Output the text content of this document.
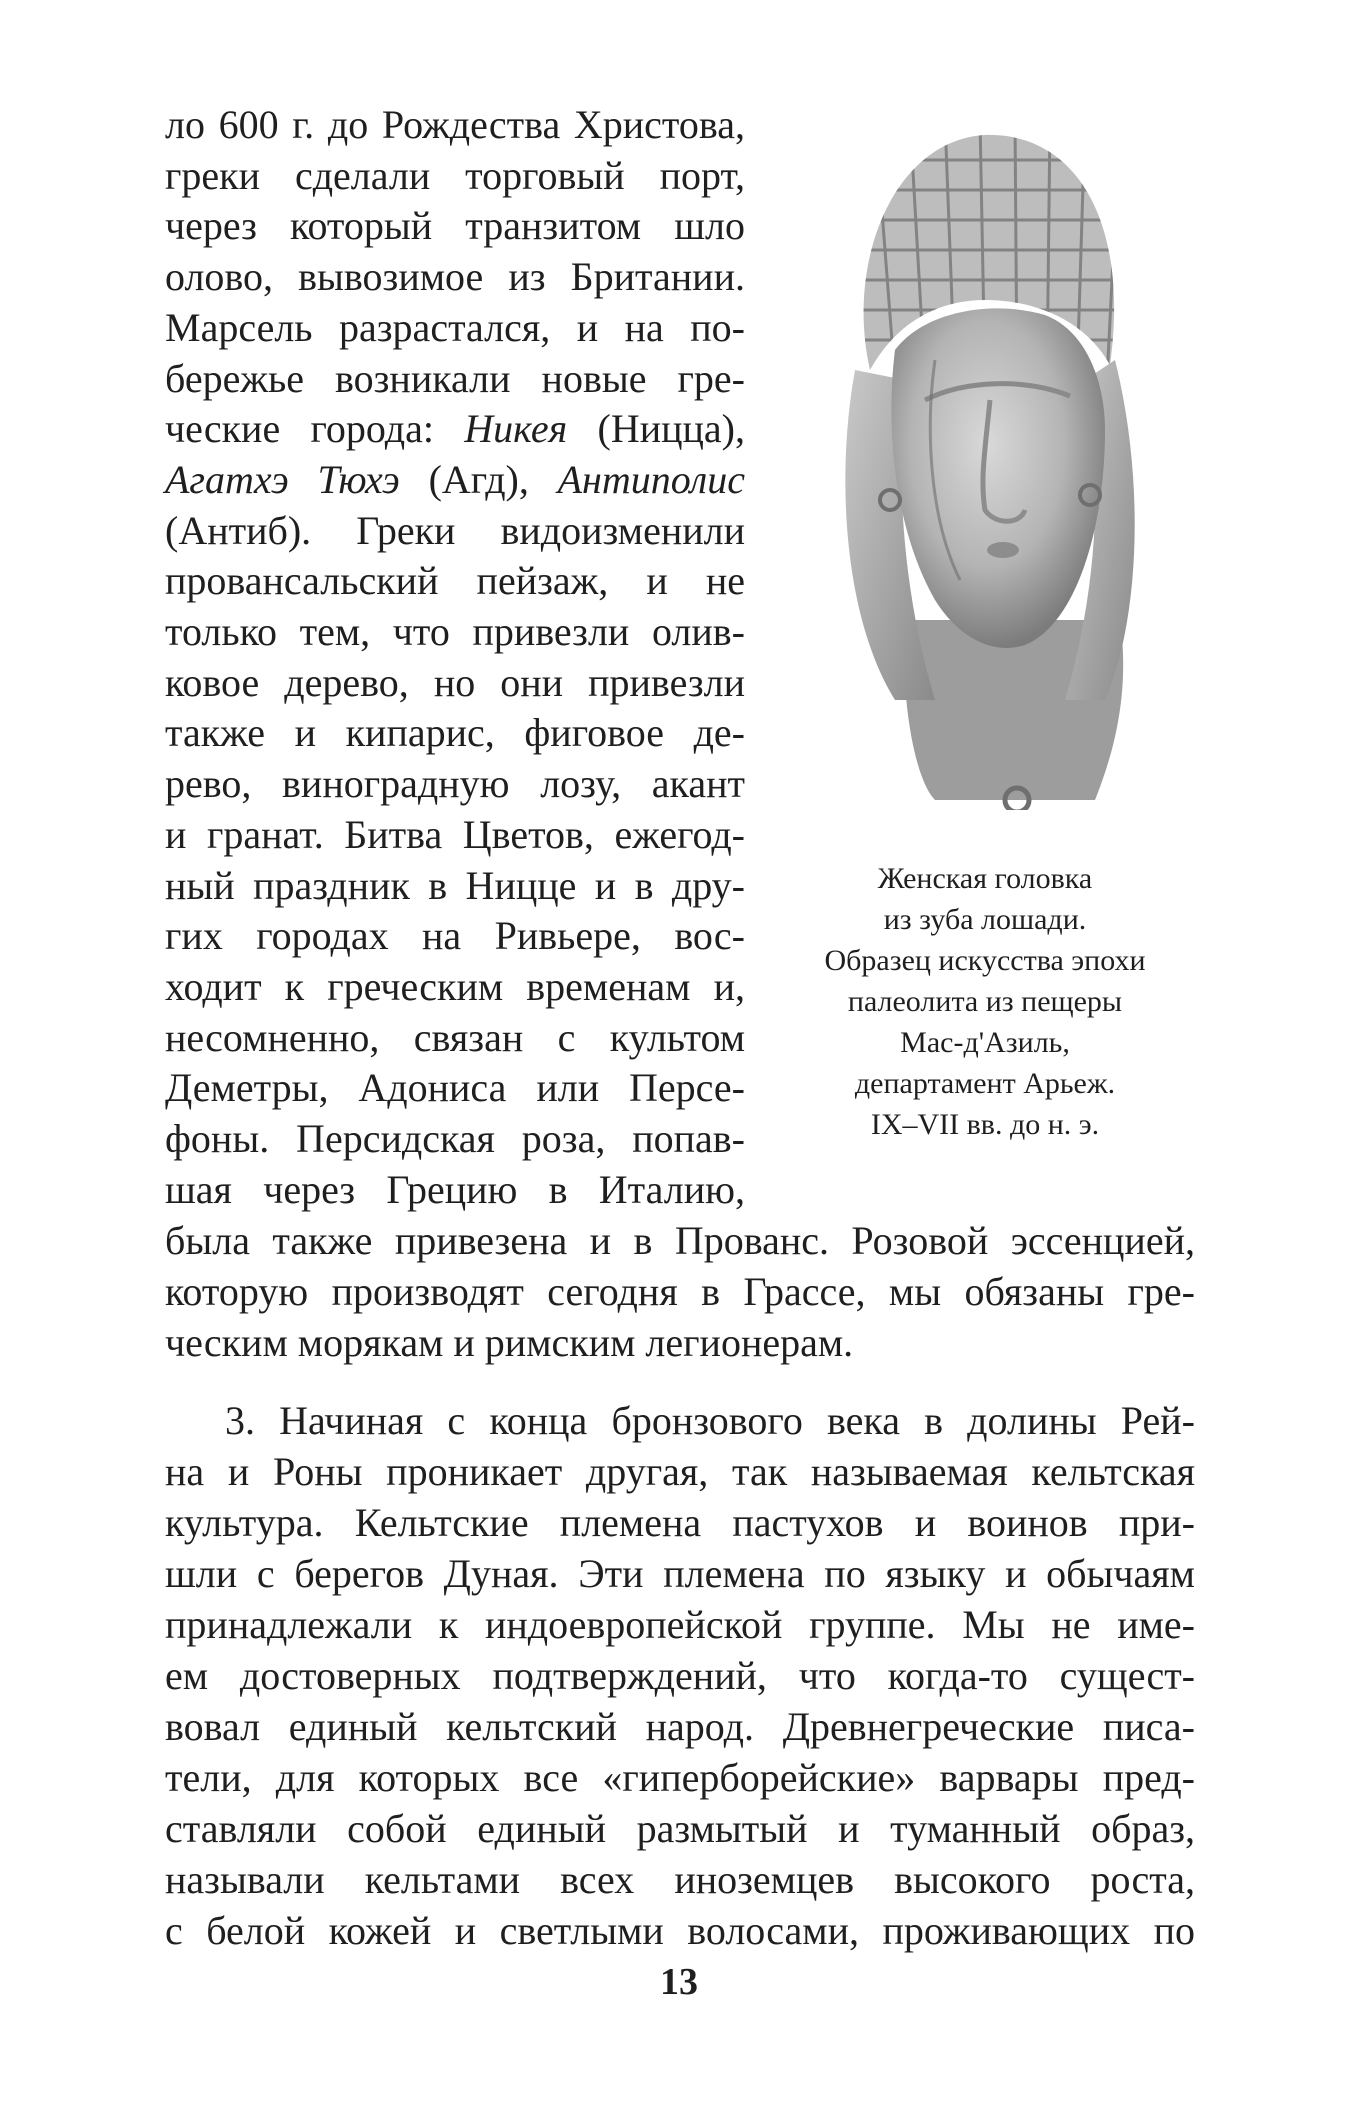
ло 600 г. до Рождества Христова,
греки сделали торговый порт,
через который транзитом шло
олово, вывозимое из Британии.
Марсель разрастался, и на по-
бережье возникали новые гре-
ческие города: Никея (Ницца),
Агатхэ Тюхэ (Агд), Антиполис
(Антиб). Греки видоизменили
провансальский пейзаж, и не
только тем, что привезли олив-
ковое дерево, но они привезли
также и кипарис, фиговое де-
рево, виноградную лозу, акант
и гранат. Битва Цветов, ежегод-
ный праздник в Ницце и в дру-
гих городах на Ривьере, вос-
ходит к греческим временам и,
несомненно, связан с культом
Деметры, Адониса или Персе-
фоны. Персидская роза, попав-
шая через Грецию в Италию,
Женская головка
из зуба лошади.
Образец искусства эпохи
палеолита из пещеры
Мас-д'Азиль,
департамент Арьеж.
IX–VII вв. до н. э.
была также привезена и в Прованс. Розовой эссенцией,
которую производят сегодня в Грассе, мы обязаны гре-
ческим морякам и римским легионерам.
3. Начиная с конца бронзового века в долины Рей-
на и Роны проникает другая, так называемая кельтская
культура. Кельтские племена пастухов и воинов при-
шли с берегов Дуная. Эти племена по языку и обычаям
принадлежали к индоевропейской группе. Мы не име-
ем достоверных подтверждений, что когда-то сущест-
вовал единый кельтский народ. Древнегреческие писа-
тели, для которых все «гиперборейские» варвары пред-
ставляли собой единый размытый и туманный образ,
называли кельтами всех иноземцев высокого роста,
с белой кожей и светлыми волосами, проживающих по
13
